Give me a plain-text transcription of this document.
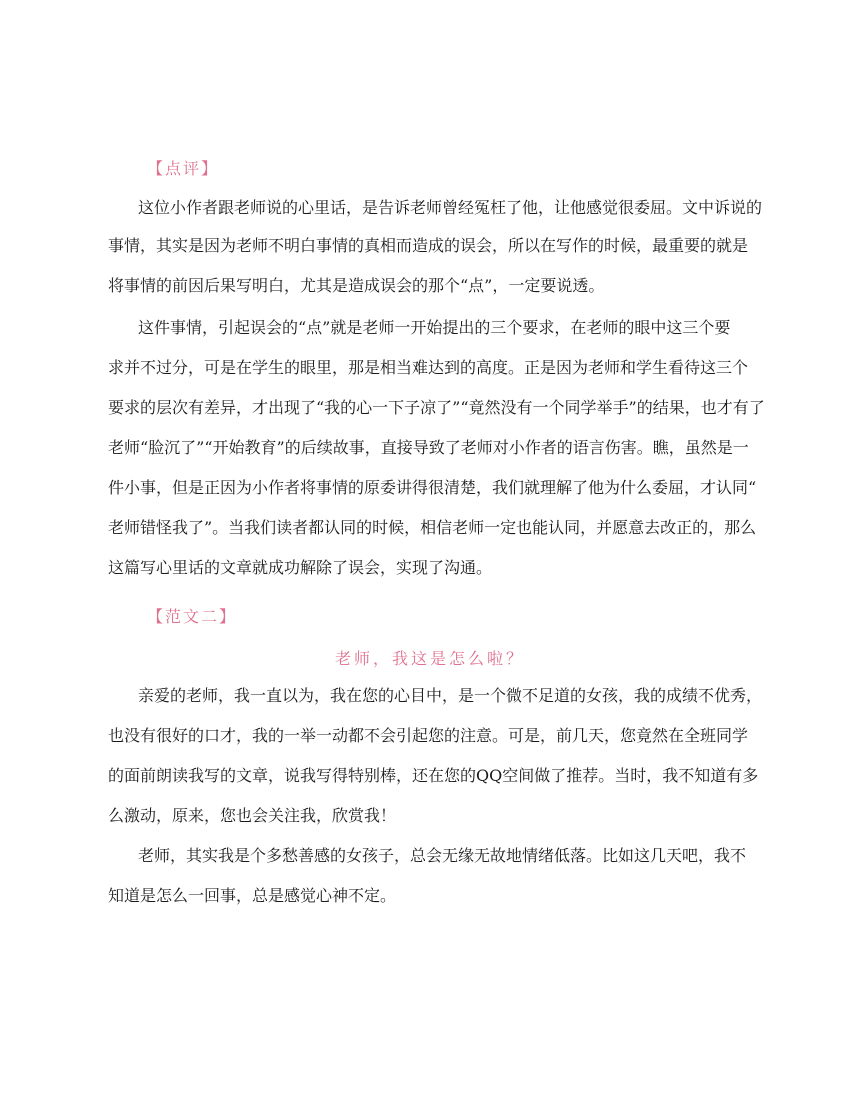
【点评】
这位小作者跟老师说的心里话，是告诉老师曾经冤枉了他，让他感觉很委屈。文中诉说的
事情，其实是因为老师不明白事情的真相而造成的误会，所以在写作的时候，最重要的就是
将事情的前因后果写明白，尤其是造成误会的那个“点”，一定要说透。
这件事情，引起误会的“点”就是老师一开始提出的三个要求，在老师的眼中这三个要
求并不过分，可是在学生的眼里，那是相当难达到的高度。正是因为老师和学生看待这三个
要求的层次有差异，才出现了“我的心一下子凉了”“竟然没有一个同学举手”的结果，也才有了
老师“脸沉了”“开始教育”的后续故事，直接导致了老师对小作者的语言伤害。瞧，虽然是一
件小事，但是正因为小作者将事情的原委讲得很清楚，我们就理解了他为什么委屈，才认同“
老师错怪我了”。当我们读者都认同的时候，相信老师一定也能认同，并愿意去改正的，那么
这篇写心里话的文章就成功解除了误会，实现了沟通。
【范文二】
老师，我这是怎么啦？
亲爱的老师，我一直以为，我在您的心目中，是一个微不足道的女孩，我的成绩不优秀，
也没有很好的口才，我的一举一动都不会引起您的注意。可是，前几天，您竟然在全班同学
的面前朗读我写的文章，说我写得特别棒，还在您的QQ空间做了推荐。当时，我不知道有多
么激动，原来，您也会关注我，欣赏我！
老师，其实我是个多愁善感的女孩子，总会无缘无故地情绪低落。比如这几天吧，我不
知道是怎么一回事，总是感觉心神不定。
